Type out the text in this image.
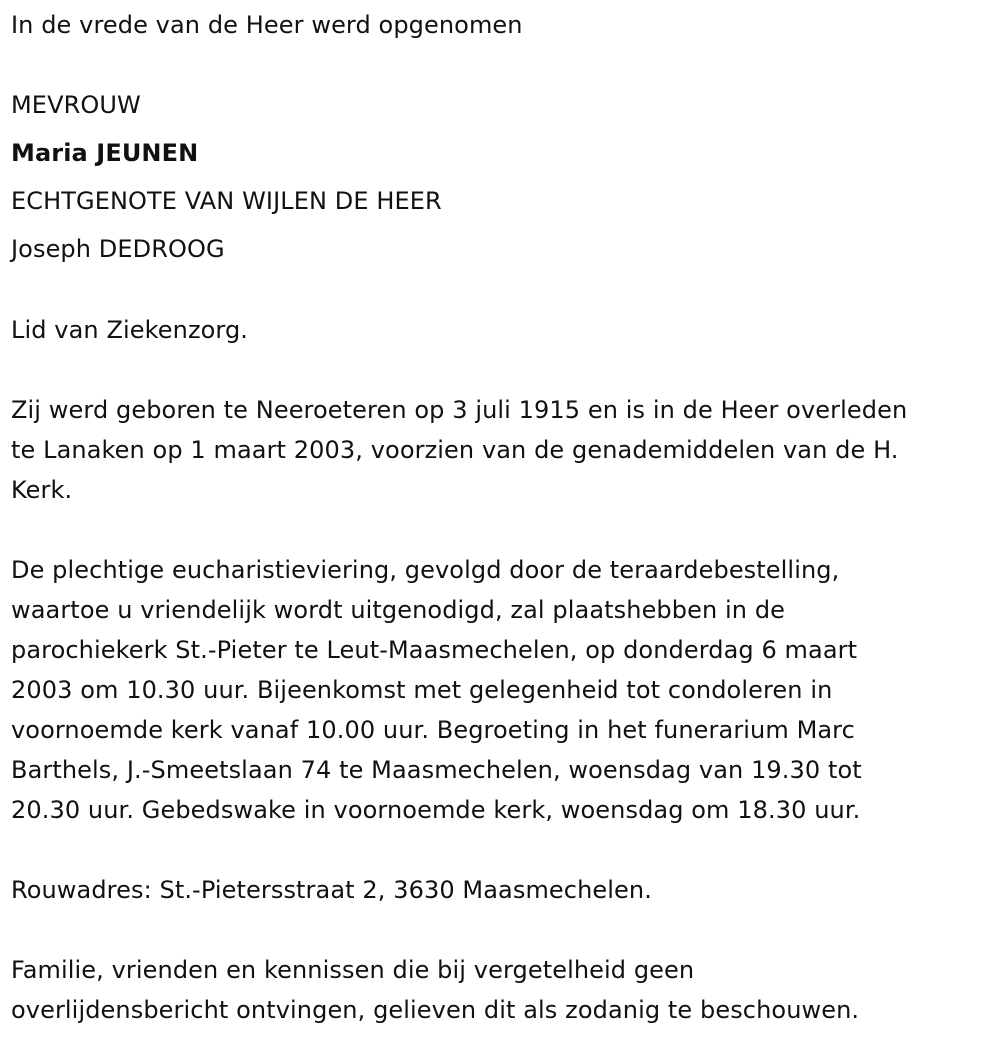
In de vrede van de Heer werd opgenomen
MEVROUW
Maria JEUNEN
ECHTGENOTE VAN WIJLEN DE HEER
Joseph DEDROOG
Lid van Ziekenzorg.
Zij werd geboren te Neeroeteren op 3 juli 1915 en is in de Heer overleden
te Lanaken op 1 maart 2003, voorzien van de genademiddelen van de H.
Kerk.
De plechtige eucharistieviering, gevolgd door de teraardebestelling,
waartoe u vriendelijk wordt uitgenodigd, zal plaatshebben in de
parochiekerk St.-Pieter te Leut-Maasmechelen, op donderdag 6 maart
2003 om 10.30 uur. Bijeenkomst met gelegenheid tot condoleren in
voornoemde kerk vanaf 10.00 uur. Begroeting in het funerarium Marc
Barthels, J.-Smeetslaan 74 te Maasmechelen, woensdag van 19.30 tot
20.30 uur. Gebedswake in voornoemde kerk, woensdag om 18.30 uur.
Rouwadres: St.-Pietersstraat 2, 3630 Maasmechelen.
Familie, vrienden en kennissen die bij vergetelheid geen
overlijdensbericht ontvingen, gelieven dit als zodanig te beschouwen.
